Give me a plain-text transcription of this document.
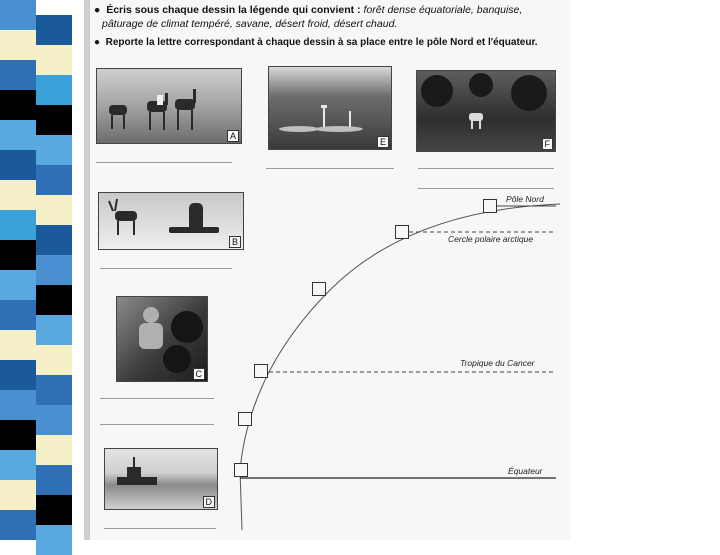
●  Écris sous chaque dessin la légende qui convient : forêt dense équatoriale, banquise,
pâturage de climat tempéré, savane, désert froid, désert chaud.
●  Reporte la lettre correspondant à chaque dessin à sa place entre le pôle Nord et l'équateur.
A
E	F
B
C
D
Pôle Nord
Cercle polaire arctique
Tropique du Cancer
Équateur
